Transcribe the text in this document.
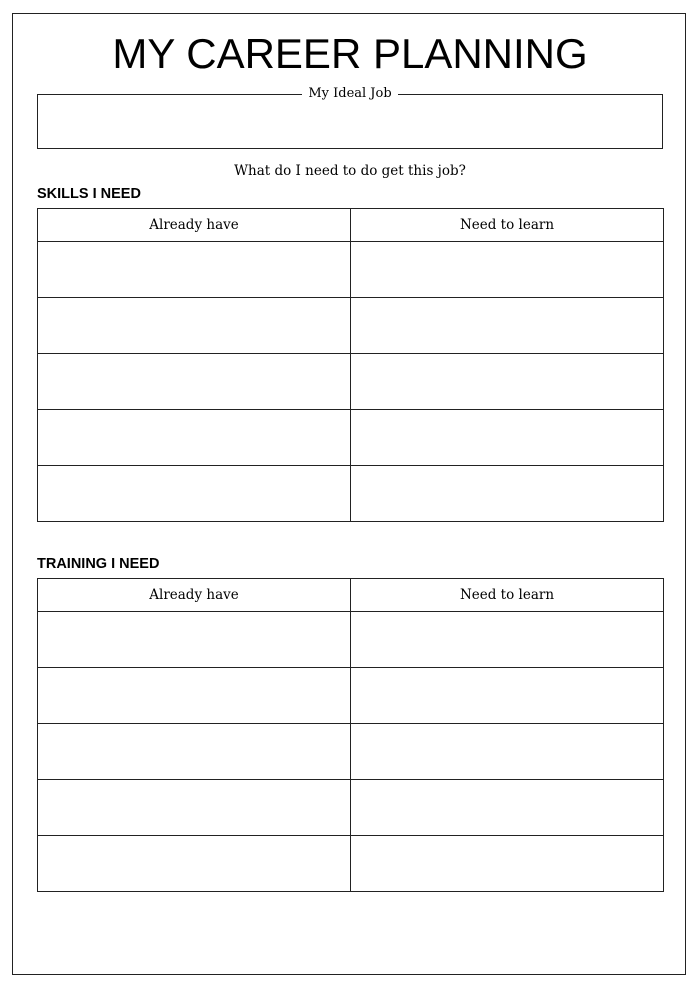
MY CAREER PLANNING
My Ideal Job
What do I need to do get this job?
SKILLS I NEED
Already have	Need to learn

TRAINING I NEED
Already have	Need to learn
